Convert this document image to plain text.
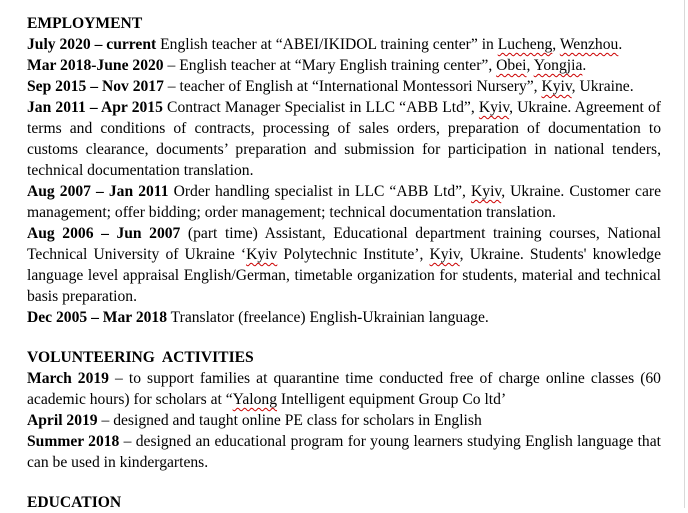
EMPLOYMENT

July 2020 – current English teacher at “ABEI/IKIDOL training center” in Lucheng, Wenzhou.

Mar 2018-June 2020 – English teacher at “Mary English training center”, Obei, Yongjia.

Sep 2015 – Nov 2017 – teacher of English at “International Montessori Nursery”, Kyiv, Ukraine.

Jan 2011 – Apr 2015 Contract Manager Specialist in LLC “ABB Ltd”, Kyiv, Ukraine. Agreement of terms and conditions of contracts, processing of sales orders, preparation of documentation to customs clearance, documents’ preparation and submission for participation in national tenders, technical documentation translation.

Aug 2007 – Jan 2011 Order handling specialist in LLC “ABB Ltd”, Kyiv, Ukraine. Customer care management; offer bidding; order management; technical documentation translation.

Aug 2006 – Jun 2007 (part time) Assistant, Educational department training courses, National Technical University of Ukraine ‘Kyiv Polytechnic Institute’, Kyiv, Ukraine. Students' knowledge language level appraisal English/German, timetable organization for students, material and technical basis preparation.

Dec 2005 – Mar 2018 Translator (freelance) English-Ukrainian language.

VOLUNTEERING  ACTIVITIES

March 2019 – to support families at quarantine time conducted free of charge online classes (60 academic hours) for scholars at “Yalong Intelligent equipment Group Co ltd’

April 2019 – designed and taught online PE class for scholars in English

Summer 2018 – designed an educational program for young learners studying English language that can be used in kindergartens.

EDUCATION
